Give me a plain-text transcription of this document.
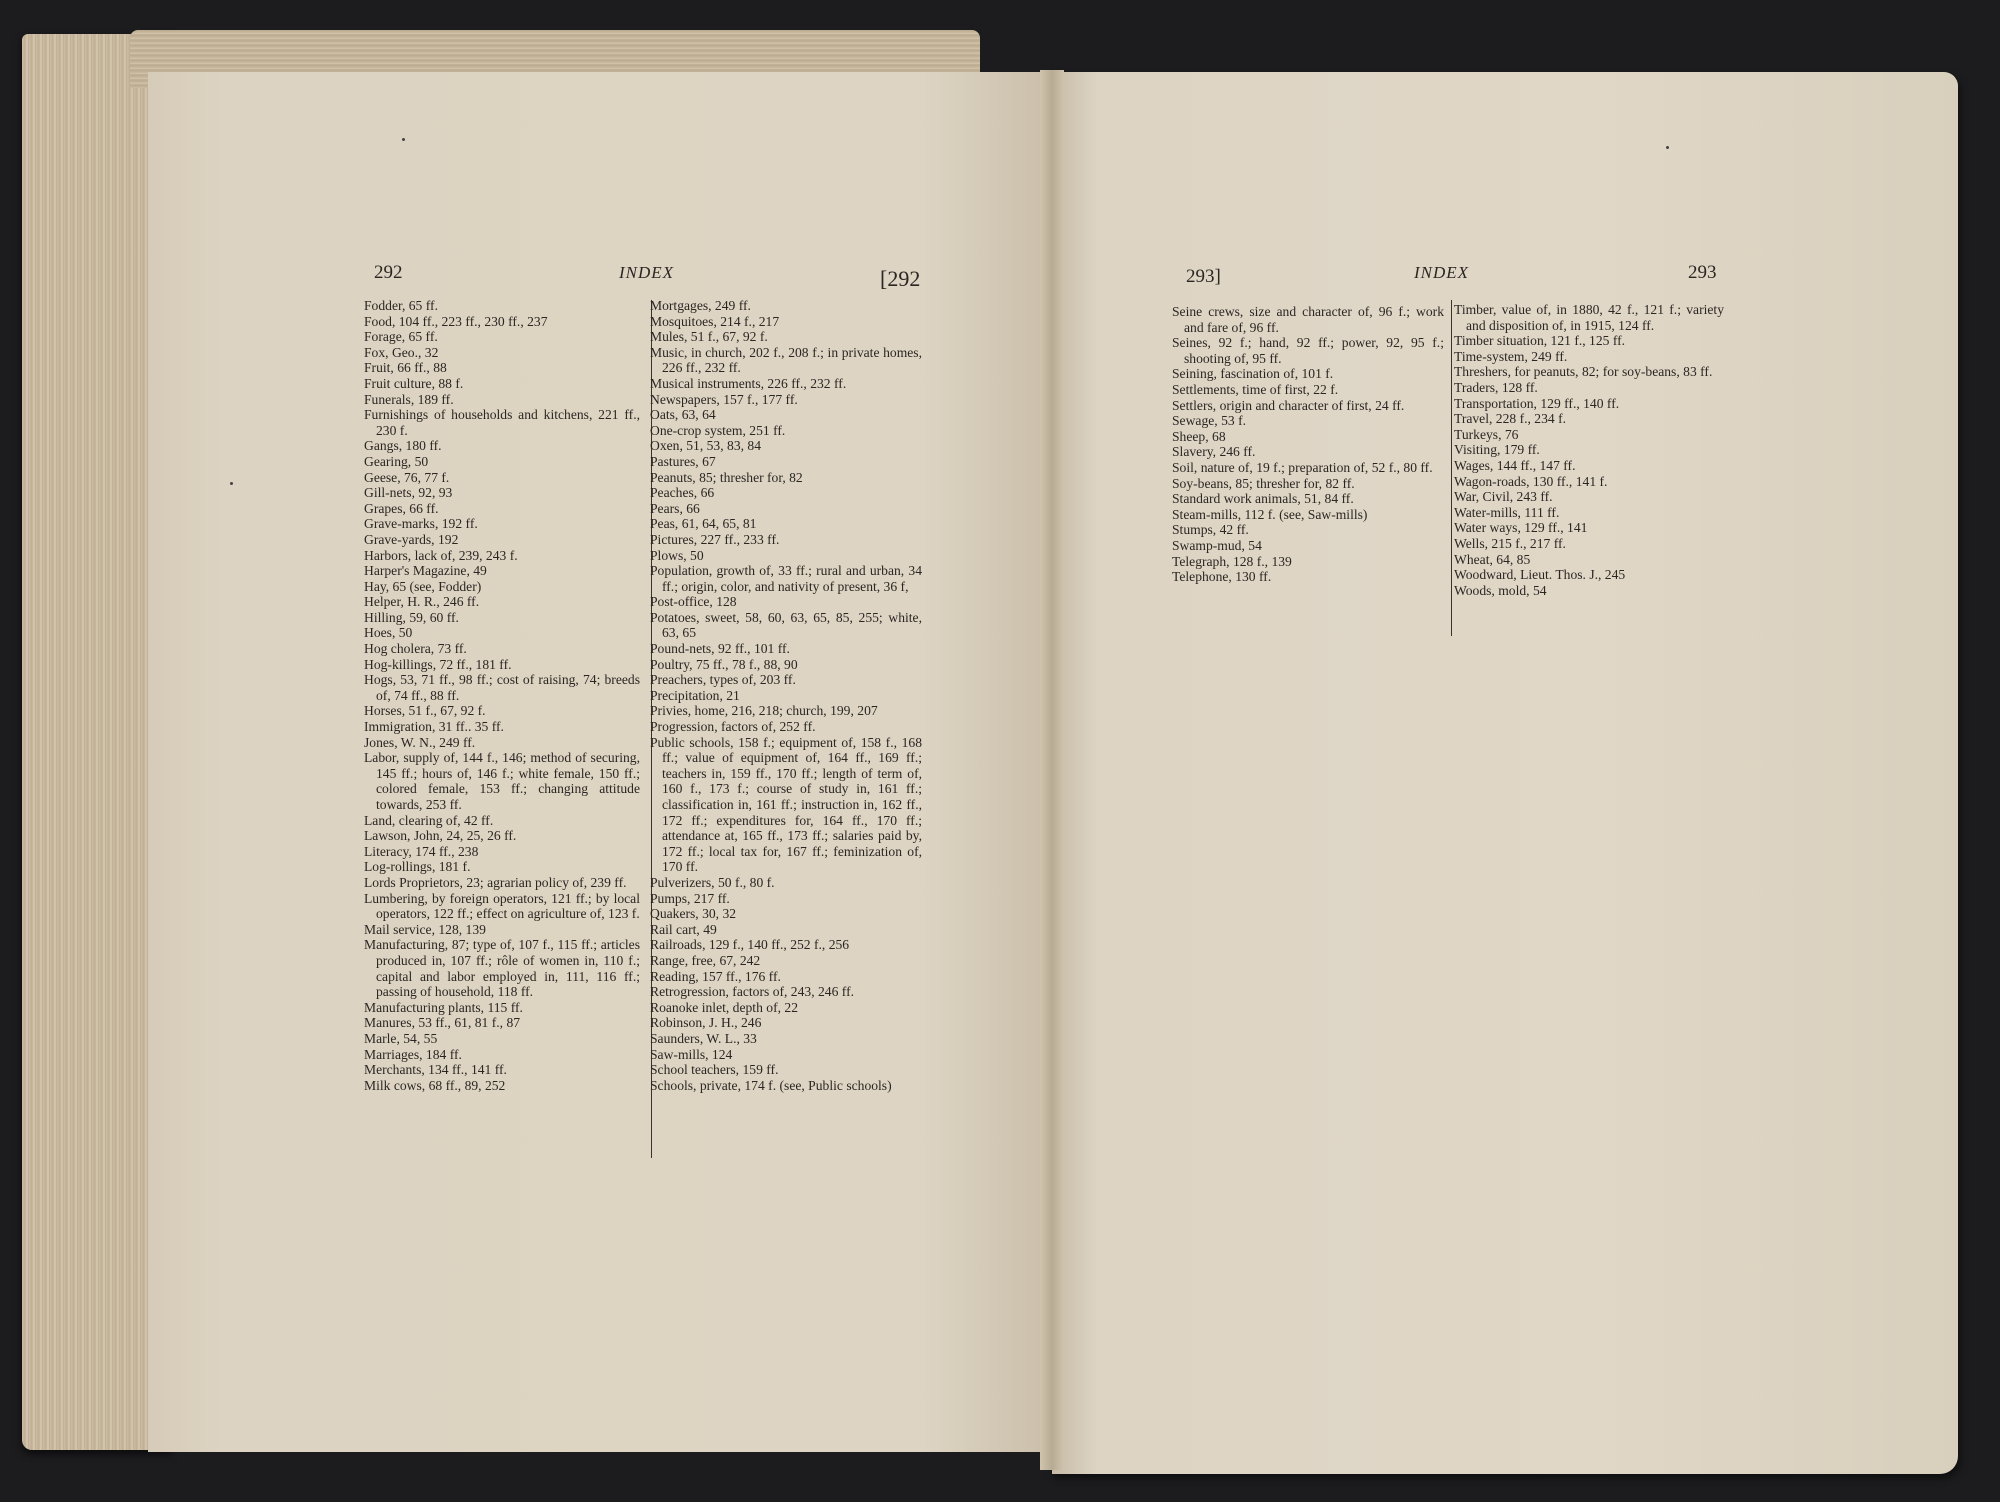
292	INDEX	[292
Fodder, 65 ff.
Food, 104 ff., 223 ff., 230 ff., 237
Forage, 65 ff.
Fox, Geo., 32
Fruit, 66 ff., 88
Fruit culture, 88 f.
Funerals, 189 ff.
Furnishings of households and kitchens, 221 ff., 230 f.
Gangs, 180 ff.
Gearing, 50
Geese, 76, 77 f.
Gill-nets, 92, 93
Grapes, 66 ff.
Grave-marks, 192 ff.
Grave-yards, 192
Harbors, lack of, 239, 243 f.
Harper's Magazine, 49
Hay, 65 (see, Fodder)
Helper, H. R., 246 ff.
Hilling, 59, 60 ff.
Hoes, 50
Hog cholera, 73 ff.
Hog-killings, 72 ff., 181 ff.
Hogs, 53, 71 ff., 98 ff.; cost of raising, 74; breeds of, 74 ff., 88 ff.
Horses, 51 f., 67, 92 f.
Immigration, 31 ff.. 35 ff.
Jones, W. N., 249 ff.
Labor, supply of, 144 f., 146; method of securing, 145 ff.; hours of, 146 f.; white female, 150 ff.; colored female, 153 ff.; changing attitude towards, 253 ff.
Land, clearing of, 42 ff.
Lawson, John, 24, 25, 26 ff.
Literacy, 174 ff., 238
Log-rollings, 181 f.
Lords Proprietors, 23; agrarian policy of, 239 ff.
Lumbering, by foreign operators, 121 ff.; by local operators, 122 ff.; effect on agriculture of, 123 f.
Mail service, 128, 139
Manufacturing, 87; type of, 107 f., 115 ff.; articles produced in, 107 ff.; rôle of women in, 110 f.; capital and labor employed in, 111, 116 ff.; passing of household, 118 ff.
Manufacturing plants, 115 ff.
Manures, 53 ff., 61, 81 f., 87
Marle, 54, 55
Marriages, 184 ff.
Merchants, 134 ff., 141 ff.
Milk cows, 68 ff., 89, 252
Mortgages, 249 ff.
Mosquitoes, 214 f., 217
Mules, 51 f., 67, 92 f.
Music, in church, 202 f., 208 f.; in private homes, 226 ff., 232 ff.
Musical instruments, 226 ff., 232 ff.
Newspapers, 157 f., 177 ff.
Oats, 63, 64
One-crop system, 251 ff.
Oxen, 51, 53, 83, 84
Pastures, 67
Peanuts, 85; thresher for, 82
Peaches, 66
Pears, 66
Peas, 61, 64, 65, 81
Pictures, 227 ff., 233 ff.
Plows, 50
Population, growth of, 33 ff.; rural and urban, 34 ff.; origin, color, and nativity of present, 36 f,
Post-office, 128
Potatoes, sweet, 58, 60, 63, 65, 85, 255; white, 63, 65
Pound-nets, 92 ff., 101 ff.
Poultry, 75 ff., 78 f., 88, 90
Preachers, types of, 203 ff.
Precipitation, 21
Privies, home, 216, 218; church, 199, 207
Progression, factors of, 252 ff.
Public schools, 158 f.; equipment of, 158 f., 168 ff.; value of equipment of, 164 ff., 169 ff.; teachers in, 159 ff., 170 ff.; length of term of, 160 f., 173 f.; course of study in, 161 ff.; classification in, 161 ff.; instruction in, 162 ff., 172 ff.; expenditures for, 164 ff., 170 ff.; attendance at, 165 ff., 173 ff.; salaries paid by, 172 ff.; local tax for, 167 ff.; feminization of, 170 ff.
Pulverizers, 50 f., 80 f.
Pumps, 217 ff.
Quakers, 30, 32
Rail cart, 49
Railroads, 129 f., 140 ff., 252 f., 256
Range, free, 67, 242
Reading, 157 ff., 176 ff.
Retrogression, factors of, 243, 246 ff.
Roanoke inlet, depth of, 22
Robinson, J. H., 246
Saunders, W. L., 33
Saw-mills, 124
School teachers, 159 ff.
Schools, private, 174 f. (see, Public schools)
293]	INDEX	293
Seine crews, size and character of, 96 f.; work and fare of, 96 ff.
Seines, 92 f.; hand, 92 ff.; power, 92, 95 f.; shooting of, 95 ff.
Seining, fascination of, 101 f.
Settlements, time of first, 22 f.
Settlers, origin and character of first, 24 ff.
Sewage, 53 f.
Sheep, 68
Slavery, 246 ff.
Soil, nature of, 19 f.; preparation of, 52 f., 80 ff.
Soy-beans, 85; thresher for, 82 ff.
Standard work animals, 51, 84 ff.
Steam-mills, 112 f. (see, Saw-mills)
Stumps, 42 ff.
Swamp-mud, 54
Telegraph, 128 f., 139
Telephone, 130 ff.
Timber, value of, in 1880, 42 f., 121 f.; variety and disposition of, in 1915, 124 ff.
Timber situation, 121 f., 125 ff.
Time-system, 249 ff.
Threshers, for peanuts, 82; for soy-beans, 83 ff.
Traders, 128 ff.
Transportation, 129 ff., 140 ff.
Travel, 228 f., 234 f.
Turkeys, 76
Visiting, 179 ff.
Wages, 144 ff., 147 ff.
Wagon-roads, 130 ff., 141 f.
War, Civil, 243 ff.
Water-mills, 111 ff.
Water ways, 129 ff., 141
Wells, 215 f., 217 ff.
Wheat, 64, 85
Woodward, Lieut. Thos. J., 245
Woods, mold, 54
